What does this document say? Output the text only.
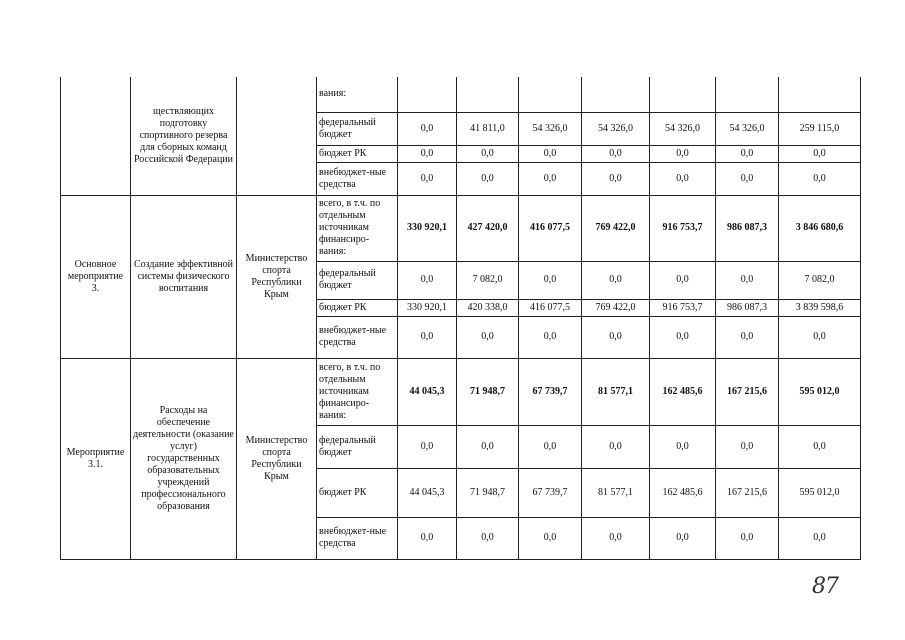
	ществляющих подготовку спортивного резерва для сборных команд Российской Федерации		вания:							
			федеральный бюджет	0,0	41 811,0	54 326,0	54 326,0	54 326,0	54 326,0	259 115,0
			бюджет РК	0,0	0,0	0,0	0,0	0,0	0,0	0,0
			внебюджет-ные средства	0,0	0,0	0,0	0,0	0,0	0,0	0,0
Основное мероприятие 3.	Создание эффективной системы физического воспитания	Министерство спорта Республики Крым	всего, в т.ч. по отдельным источникам финансиро-вания:	330 920,1	427 420,0	416 077,5	769 422,0	916 753,7	986 087,3	3 846 680,6
			федеральный бюджет	0,0	7 082,0	0,0	0,0	0,0	0,0	7 082,0
			бюджет РК	330 920,1	420 338,0	416 077,5	769 422,0	916 753,7	986 087,3	3 839 598,6
			внебюджет-ные средства	0,0	0,0	0,0	0,0	0,0	0,0	0,0
Мероприятие 3.1.	Расходы на обеспечение деятельности (оказание услуг) государственных образовательных учреждений профессионального образования	Министерство спорта Республики Крым	всего, в т.ч. по отдельным источникам финансиро-вания:	44 045,3	71 948,7	67 739,7	81 577,1	162 485,6	167 215,6	595 012,0
			федеральный бюджет	0,0	0,0	0,0	0,0	0,0	0,0	0,0
			бюджет РК	44 045,3	71 948,7	67 739,7	81 577,1	162 485,6	167 215,6	595 012,0
			внебюджет-ные средства	0,0	0,0	0,0	0,0	0,0	0,0	0,0
87
